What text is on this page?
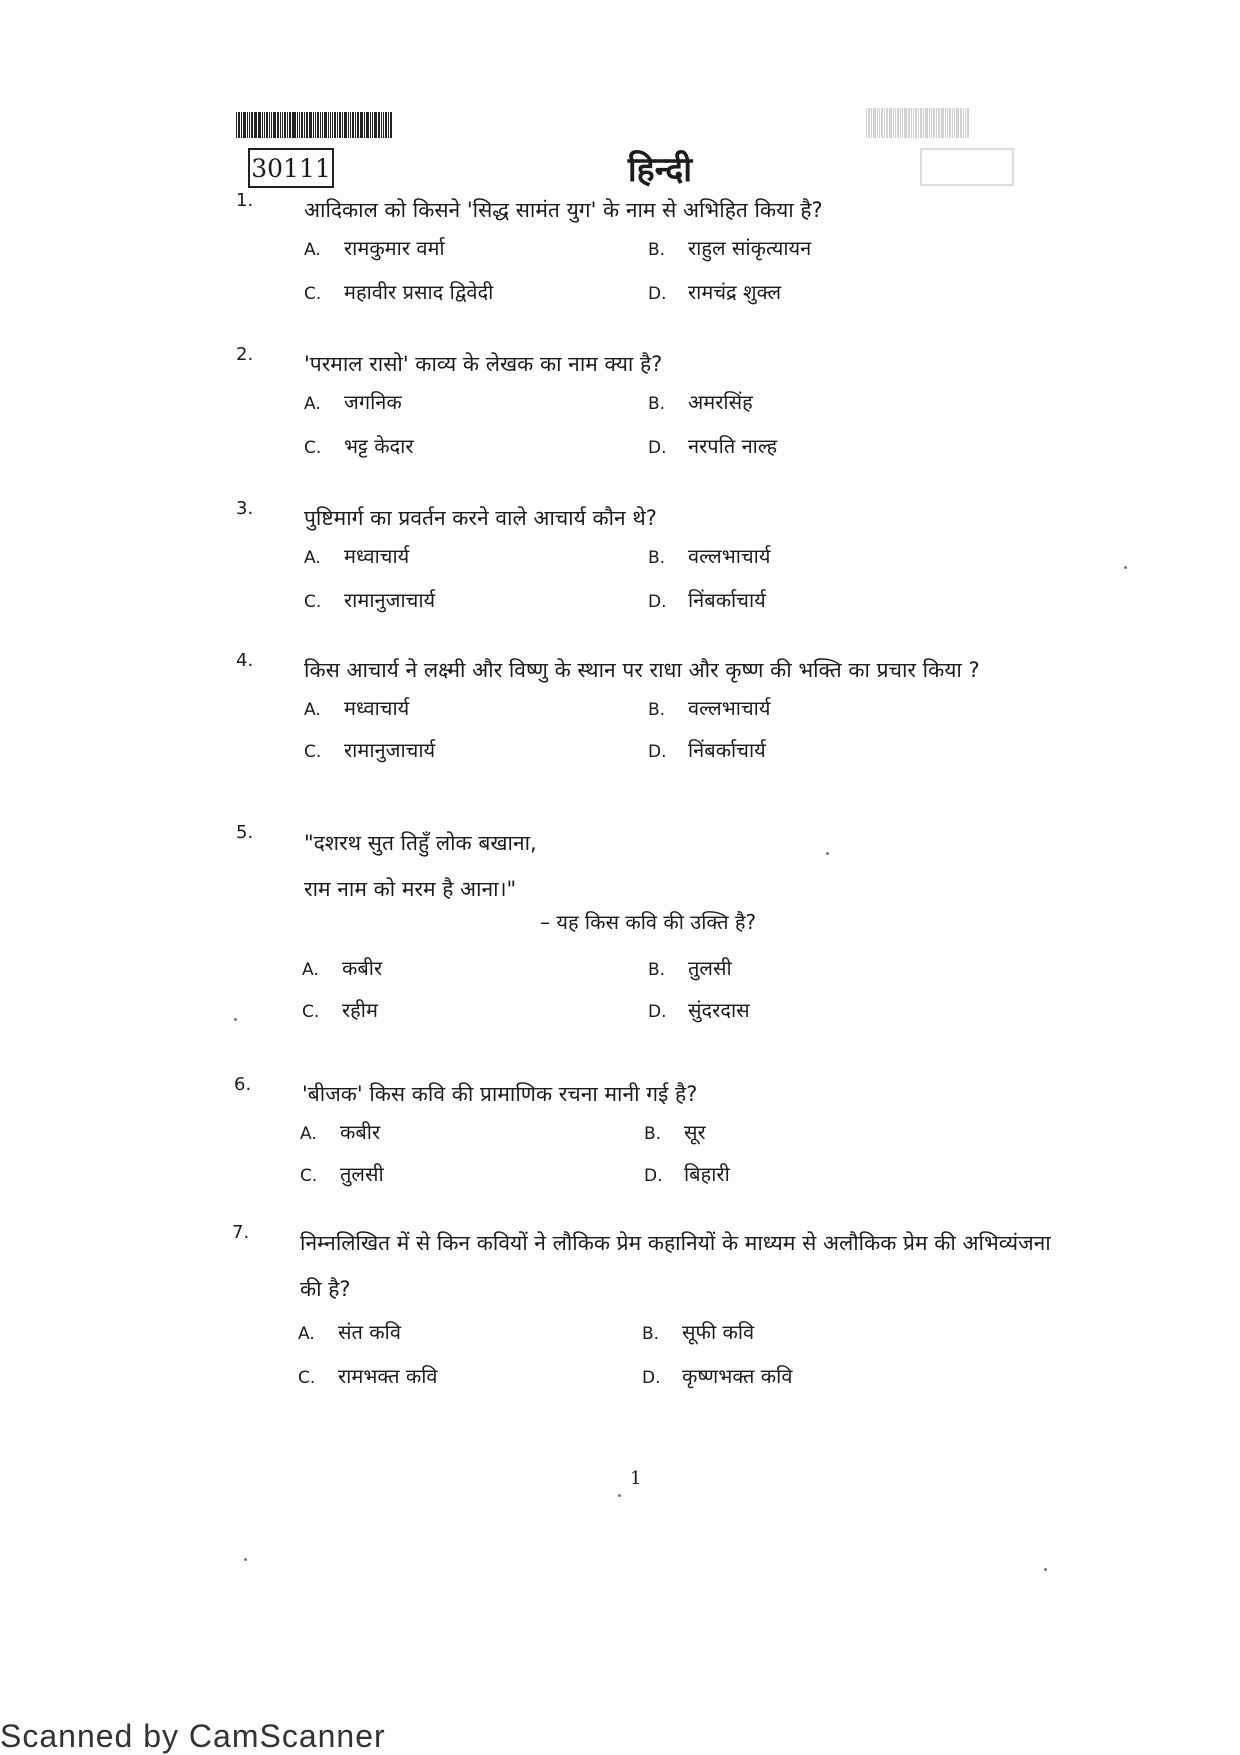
30111	हिन्दी
1. आदिकाल को किसने 'सिद्ध सामंत युग' के नाम से अभिहित किया है?
A. रामकुमार वर्मा	B. राहुल सांकृत्यायन
C. महावीर प्रसाद द्विवेदी	D. रामचंद्र शुक्ल
2. 'परमाल रासो' काव्य के लेखक का नाम क्या है?
A. जगनिक	B. अमरसिंह
C. भट्ट केदार	D. नरपति नाल्ह
3. पुष्टिमार्ग का प्रवर्तन करने वाले आचार्य कौन थे?
A. मध्वाचार्य	B. वल्लभाचार्य
C. रामानुजाचार्य	D. निंबर्काचार्य
4. किस आचार्य ने लक्ष्मी और विष्णु के स्थान पर राधा और कृष्ण की भक्ति का प्रचार किया ?
A. मध्वाचार्य	B. वल्लभाचार्य
C. रामानुजाचार्य	D. निंबर्काचार्य
5. "दशरथ सुत तिहुँ लोक बखाना,
राम नाम को मरम है आना।"
– यह किस कवि की उक्ति है?
A. कबीर	B. तुलसी
C. रहीम	D. सुंदरदास
6. 'बीजक' किस कवि की प्रामाणिक रचना मानी गई है?
A. कबीर	B. सूर
C. तुलसी	D. बिहारी
7. निम्नलिखित में से किन कवियों ने लौकिक प्रेम कहानियों के माध्यम से अलौकिक प्रेम की अभिव्यंजना की है?
A. संत कवि	B. सूफी कवि
C. रामभक्त कवि	D. कृष्णभक्त कवि
1
Scanned by CamScanner
